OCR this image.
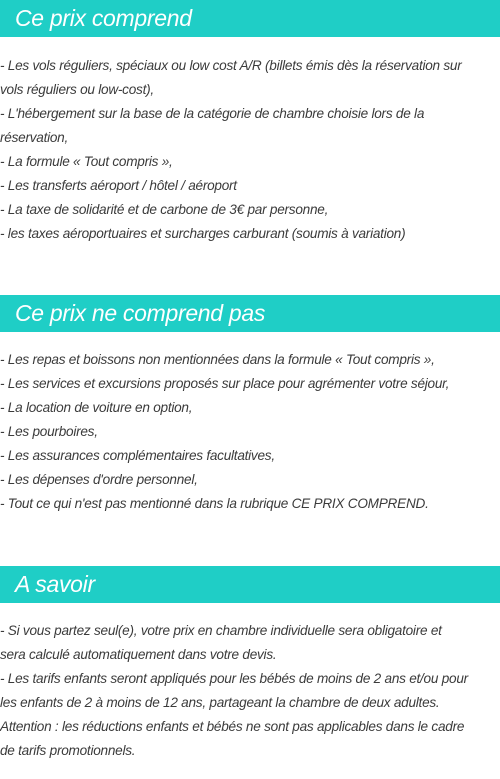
Ce prix comprend
- Les vols réguliers, spéciaux ou low cost A/R (billets émis dès la réservation sur
vols réguliers ou low-cost),
- L'hébergement sur la base de la catégorie de chambre choisie lors de la
réservation,
- La formule « Tout compris »,
- Les transferts aéroport / hôtel / aéroport
- La taxe de solidarité et de carbone de 3€ par personne,
- les taxes aéroportuaires et surcharges carburant (soumis à variation)
Ce prix ne comprend pas
- Les repas et boissons non mentionnées dans la formule « Tout compris »,
- Les services et excursions proposés sur place pour agrémenter votre séjour,
- La location de voiture en option,
- Les pourboires,
- Les assurances complémentaires facultatives,
- Les dépenses d'ordre personnel,
- Tout ce qui n'est pas mentionné dans la rubrique CE PRIX COMPREND.
A savoir
- Si vous partez seul(e), votre prix en chambre individuelle sera obligatoire et
sera calculé automatiquement dans votre devis.
- Les tarifs enfants seront appliqués pour les bébés de moins de 2 ans et/ou pour
les enfants de 2 à moins de 12 ans, partageant la chambre de deux adultes.
Attention : les réductions enfants et bébés ne sont pas applicables dans le cadre
de tarifs promotionnels.
